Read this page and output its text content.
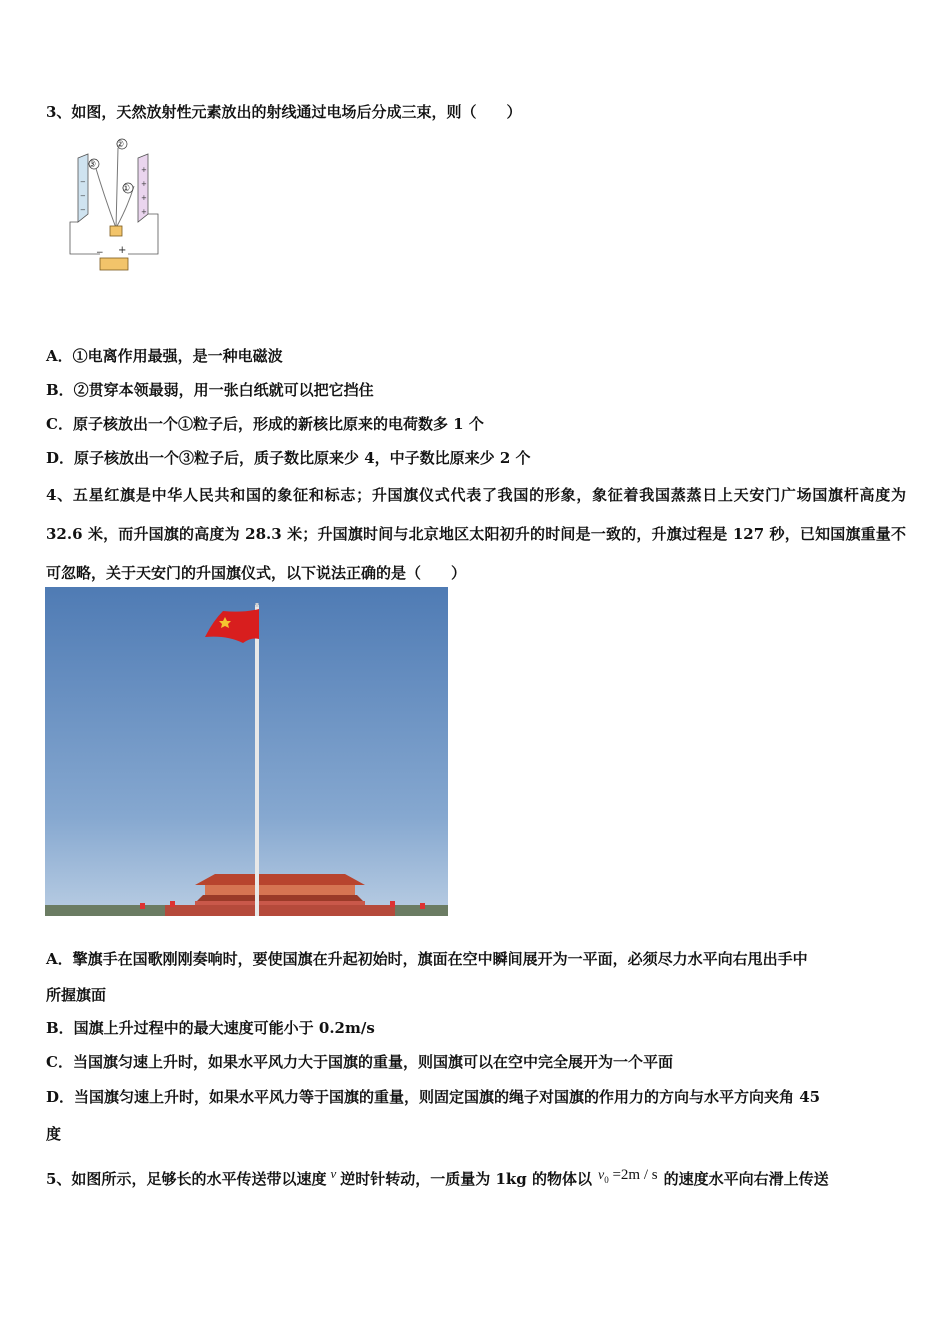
3、如图，天然放射性元素放出的射线通过电场后分成三束，则（　　）
−
−
−
+
+
+
+
③
②
①
− +
A．①电离作用最强，是一种电磁波
B．②贯穿本领最弱，用一张白纸就可以把它挡住
C．原子核放出一个①粒子后，形成的新核比原来的电荷数多 1 个
D．原子核放出一个③粒子后，质子数比原来少 4，中子数比原来少 2 个
4、五星红旗是中华人民共和国的象征和标志；升国旗仪式代表了我国的形象，象征着我国蒸蒸日上天安门广场国旗杆高度为 32.6 米，而升国旗的高度为 28.3 米；升国旗时间与北京地区太阳初升的时间是一致的，升旗过程是 127 秒，已知国旗重量不可忽略，关于天安门的升国旗仪式，以下说法正确的是（　　）
A．擎旗手在国歌刚刚奏响时，要使国旗在升起初始时，旗面在空中瞬间展开为一平面，必须尽力水平向右甩出手中
所握旗面
B．国旗上升过程中的最大速度可能小于 0.2m/s
C．当国旗匀速上升时，如果水平风力大于国旗的重量，则国旗可以在空中完全展开为一个平面
D．当国旗匀速上升时，如果水平风力等于国旗的重量，则固定国旗的绳子对国旗的作用力的方向与水平方向夹角 45
度
5、如图所示，足够长的水平传送带以速度 v 逆时针转动，一质量为 1kg 的物体以 $v_0 =2m / s$ 的速度水平向右滑上传送
